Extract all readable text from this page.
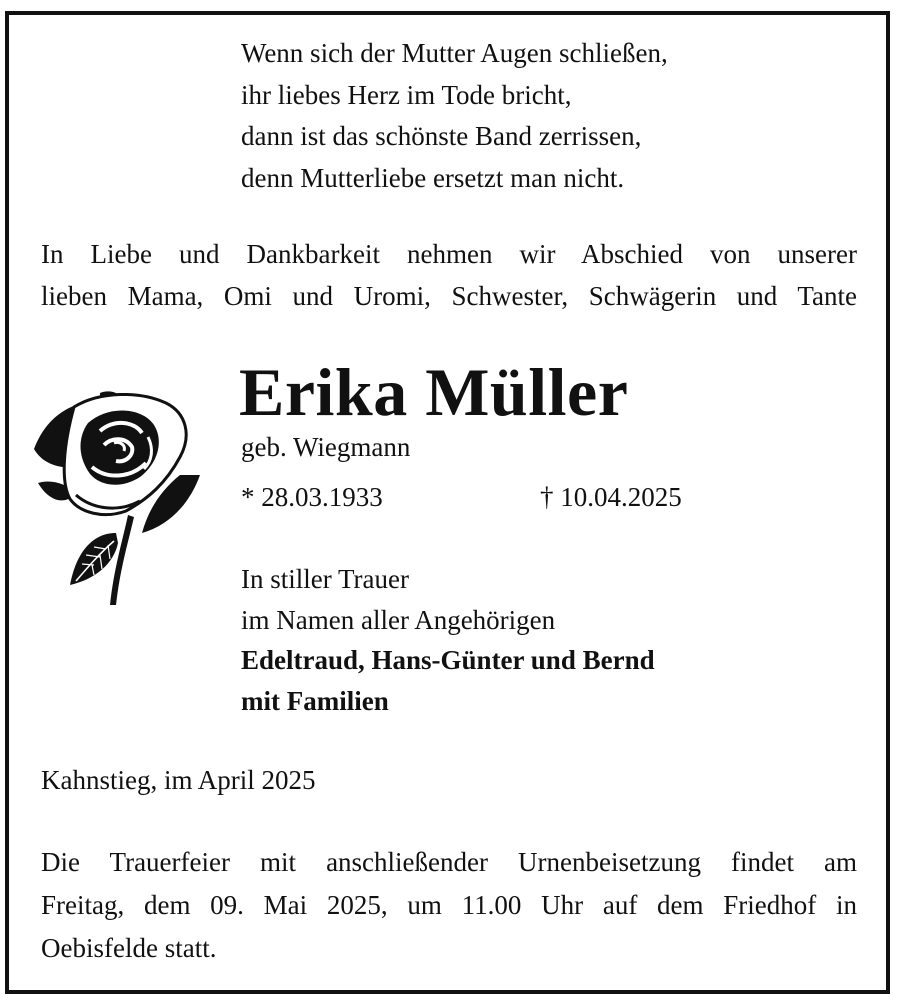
Wenn sich der Mutter Augen schließen,
ihr liebes Herz im Tode bricht,
dann ist das schönste Band zerrissen,
denn Mutterliebe ersetzt man nicht.
In Liebe und Dankbarkeit nehmen wir Abschied von unserer
lieben Mama, Omi und Uromi, Schwester, Schwägerin und Tante
Erika Müller
geb. Wiegmann
* 28.03.1933	† 10.04.2025
In stiller Trauer
im Namen aller Angehörigen
Edeltraud, Hans-Günter und Bernd
mit Familien
Kahnstieg, im April 2025
Die Trauerfeier mit anschließender Urnenbeisetzung findet am
Freitag, dem 09. Mai 2025, um 11.00 Uhr auf dem Friedhof in
Oebisfelde statt.
